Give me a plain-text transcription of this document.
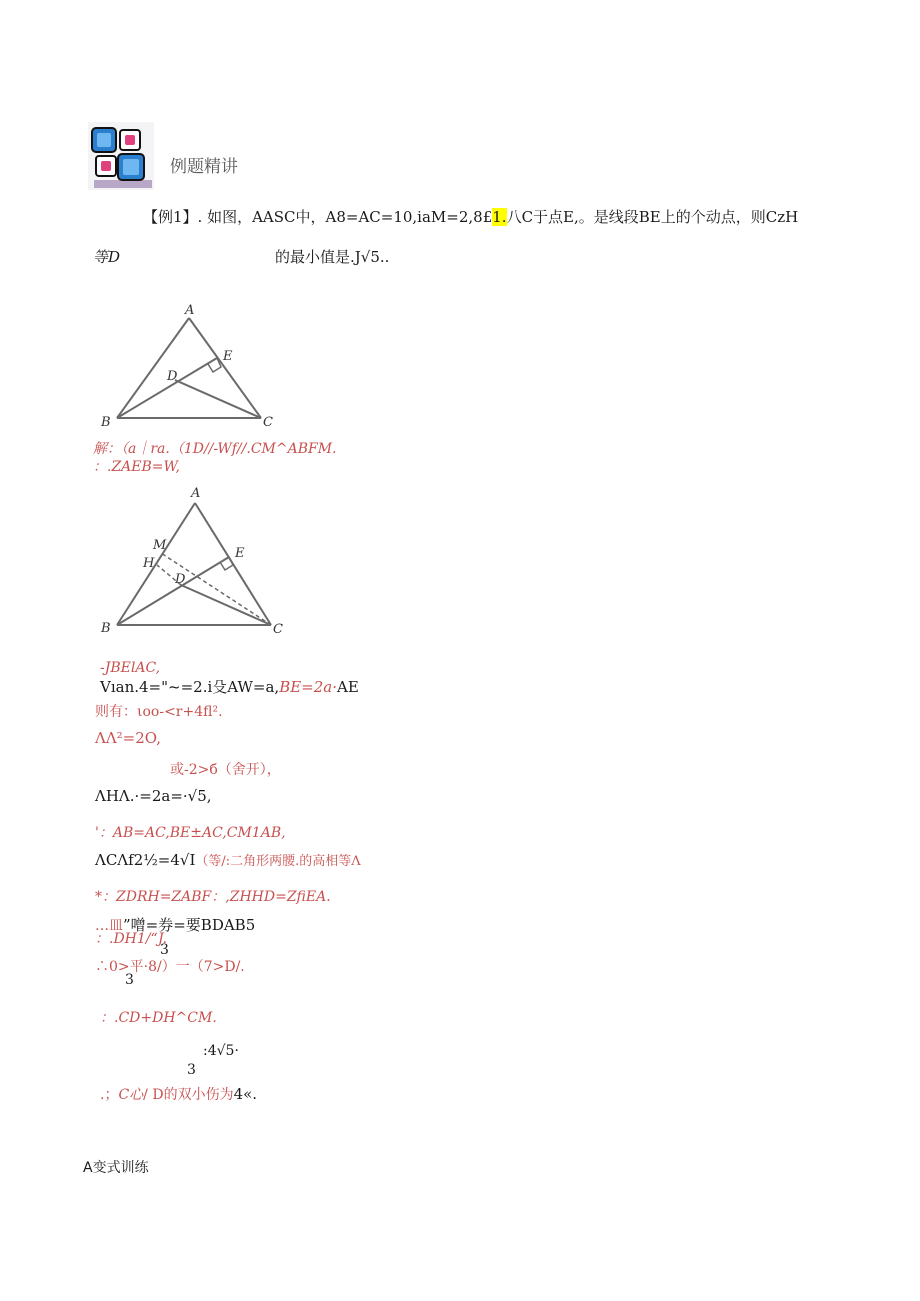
例题精讲
【例1】. 如图，AASC中，A8=AC=10,iaM=2,8£1.八C于点E,。是线段BE上的个动点，则CzH
等D	的最小值是.J√5..
A
B	C
D
E
解：（a｜ra.（1D/∕-Wf//.CM^ABFM.
：.ZAEB=W,
A
B	C
D
E
M
H
-JBElAC,
Vıan.4="~=2.i殳AW=a,BE=2a·AE
则有：ιoo-<r+4fl².
ΛΛ²=2O,
或-2>б（舍开），
ΛHΛ.·=2a=·√5,
'：AB=AC,BE±AC,CM1AB,
ΛCΛf2½=4√I（等/:二角形两腰.的高相等Λ
*：ZDRH=ZABF：,ZHHD=ZfiEA.
…皿”噌=券=要BDAB5
：.DH1/“J.
3
∴0>平·8/）一（7>D/.
3
：.CD+DH^CM.
:4√5·
3
.；C心/ D的双小伤为4«.
A变式训练
